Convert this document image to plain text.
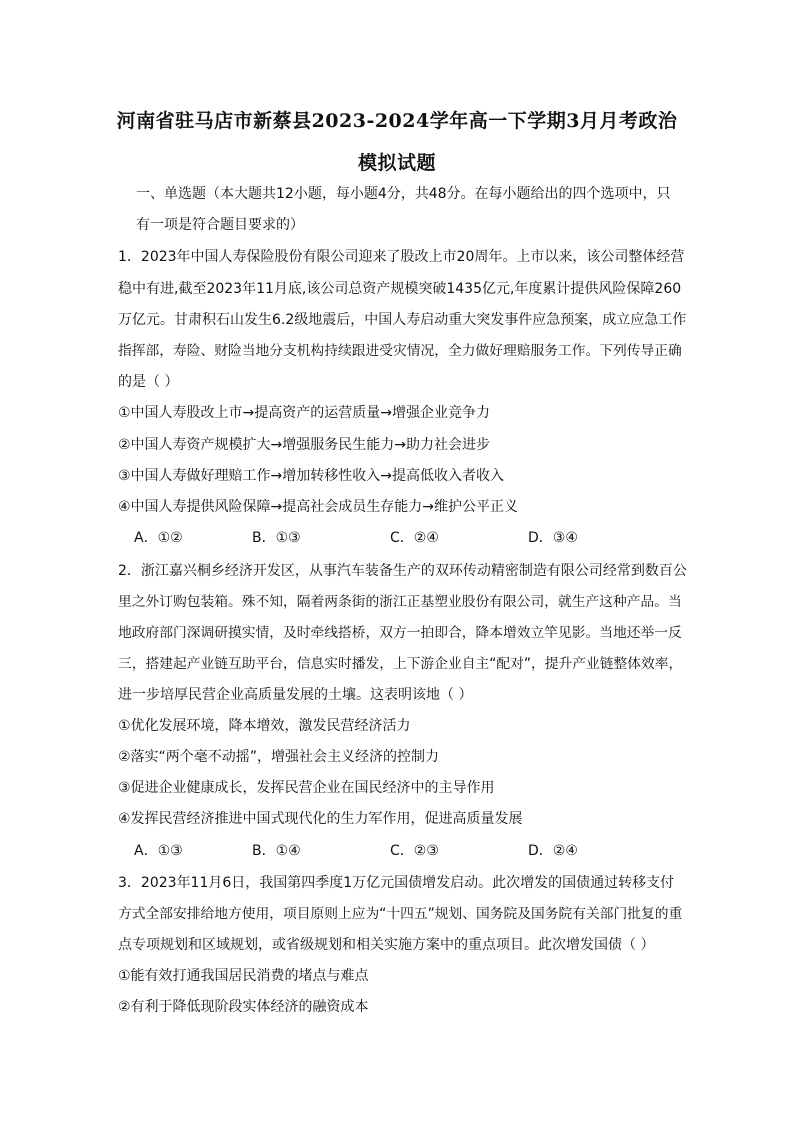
河南省驻马店市新蔡县2023-2024学年高一下学期3月月考政治
模拟试题
一、单选题（本大题共12小题，每小题4分，共48分。在每小题给出的四个选项中，只
有一项是符合题目要求的）
1．2023年中国人寿保险股份有限公司迎来了股改上市20周年。上市以来，该公司整体经营
稳中有进,截至2023年11月底,该公司总资产规模突破1435亿元,年度累计提供风险保障260
万亿元。甘肃积石山发生6.2级地震后，中国人寿启动重大突发事件应急预案，成立应急工作
指挥部，寿险、财险当地分支机构持续跟进受灾情况，全力做好理赔服务工作。下列传导正确
的是（ ）
①中国人寿股改上市→提高资产的运营质量→增强企业竞争力
②中国人寿资产规模扩大→增强服务民生能力→助力社会进步
③中国人寿做好理赔工作→增加转移性收入→提高低收入者收入
④中国人寿提供风险保障→提高社会成员生存能力→维护公平正义
A．①②	B．①③	C．②④	D．③④
2．浙江嘉兴桐乡经济开发区，从事汽车装备生产的双环传动精密制造有限公司经常到数百公
里之外订购包装箱。殊不知，隔着两条街的浙江正基塑业股份有限公司，就生产这种产品。当
地政府部门深调研摸实情，及时牵线搭桥，双方一拍即合，降本增效立竿见影。当地还举一反
三，搭建起产业链互助平台，信息实时播发，上下游企业自主“配对”，提升产业链整体效率，
进一步培厚民营企业高质量发展的土壤。这表明该地（ ）
①优化发展环境，降本增效，激发民营经济活力
②落实“两个毫不动摇”，增强社会主义经济的控制力
③促进企业健康成长，发挥民营企业在国民经济中的主导作用
④发挥民营经济推进中国式现代化的生力军作用，促进高质量发展
A．①③	B．①④	C．②③	D．②④
3．2023年11月6日，我国第四季度1万亿元国债增发启动。此次增发的国债通过转移支付
方式全部安排给地方使用，项目原则上应为“十四五”规划、国务院及国务院有关部门批复的重
点专项规划和区域规划，或省级规划和相关实施方案中的重点项目。此次增发国债（ ）
①能有效打通我国居民消费的堵点与难点
②有利于降低现阶段实体经济的融资成本
